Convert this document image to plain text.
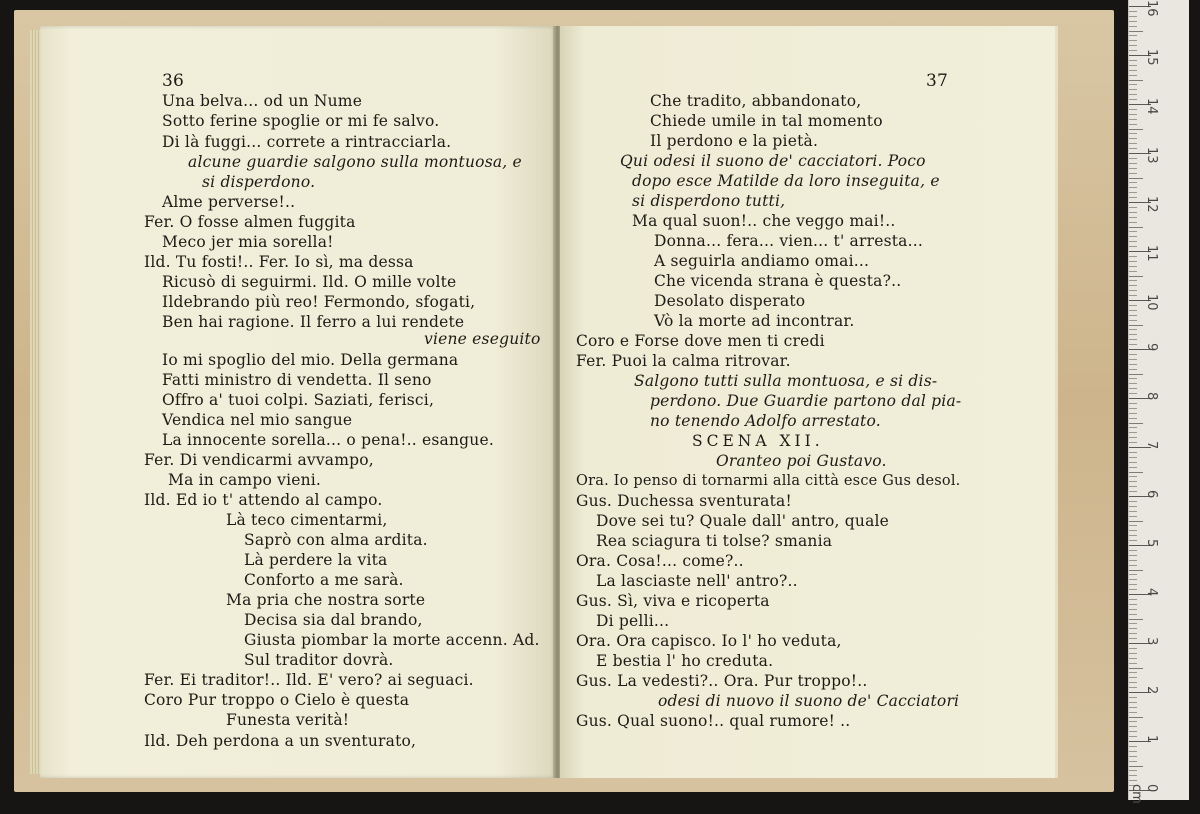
36
Una belva... od un Nume
Sotto ferine spoglie or mi fe salvo.
Di là fuggi... correte a rintracciarla.
alcune guardie salgono sulla montuosa, e
si disperdono.
Alme perverse!..
Fer. O fosse almen fuggita
Meco jer mia sorella!
Ild. Tu fosti!.. Fer. Io sì, ma dessa
Ricusò di seguirmi. Ild. O mille volte
Ildebrando più reo! Fermondo, sfogati,
Ben hai ragione. Il ferro a lui rendete
viene eseguito
Io mi spoglio del mio. Della germana
Fatti ministro di vendetta. Il seno
Offro a' tuoi colpi. Saziati, ferisci,
Vendica nel mio sangue
La innocente sorella... o pena!.. esangue.
Fer. Di vendicarmi avvampo,
Ma in campo vieni.
Ild. Ed io t' attendo al campo.
Là teco cimentarmi,
Saprò con alma ardita.
Là perdere la vita
Conforto a me sarà.
Ma pria che nostra sorte
Decisa sia dal brando,
Giusta piombar la morte accenn. Ad.
Sul traditor dovrà.
Fer. Ei traditor!.. Ild. E' vero? ai seguaci.
Coro Pur troppo o Cielo è questa
Funesta verità!
Ild. Deh perdona a un sventurato,
37
Che tradito, abbandonato,
Chiede umile in tal momento
Il perdono e la pietà.
Qui odesi il suono de' cacciatori. Poco
dopo esce Matilde da loro inseguita, e
si disperdono tutti,
Ma qual suon!.. che veggo mai!..
Donna... fera... vien... t' arresta...
A seguirla andiamo omai...
Che vicenda strana è questa?..
Desolato disperato
Vò la morte ad incontrar.
Coro e Forse dove men ti credi
Fer. Puoi la calma ritrovar.
Salgono tutti sulla montuosa, e si dis-
perdono. Due Guardie partono dal pia-
no tenendo Adolfo arrestato.
SCENA XII.
Oranteo poi Gustavo.
Ora. Io penso di tornarmi alla città esce Gus desol.
Gus. Duchessa sventurata!
Dove sei tu? Quale dall' antro, quale
Rea sciagura ti tolse? smania
Ora. Cosa!... come?..
La lasciaste nell' antro?..
Gus. Sì, viva e ricoperta
Di pelli...
Ora. Ora capisco. Io l' ho veduta,
E bestia l' ho creduta.
Gus. La vedesti?.. Ora. Pur troppo!..
odesi di nuovo il suono de' Cacciatori
Gus. Qual suono!.. qual rumore! ..
0 cm
1
2
3
4
5
6
7
8
9
10
11
12
13
14
15
16
